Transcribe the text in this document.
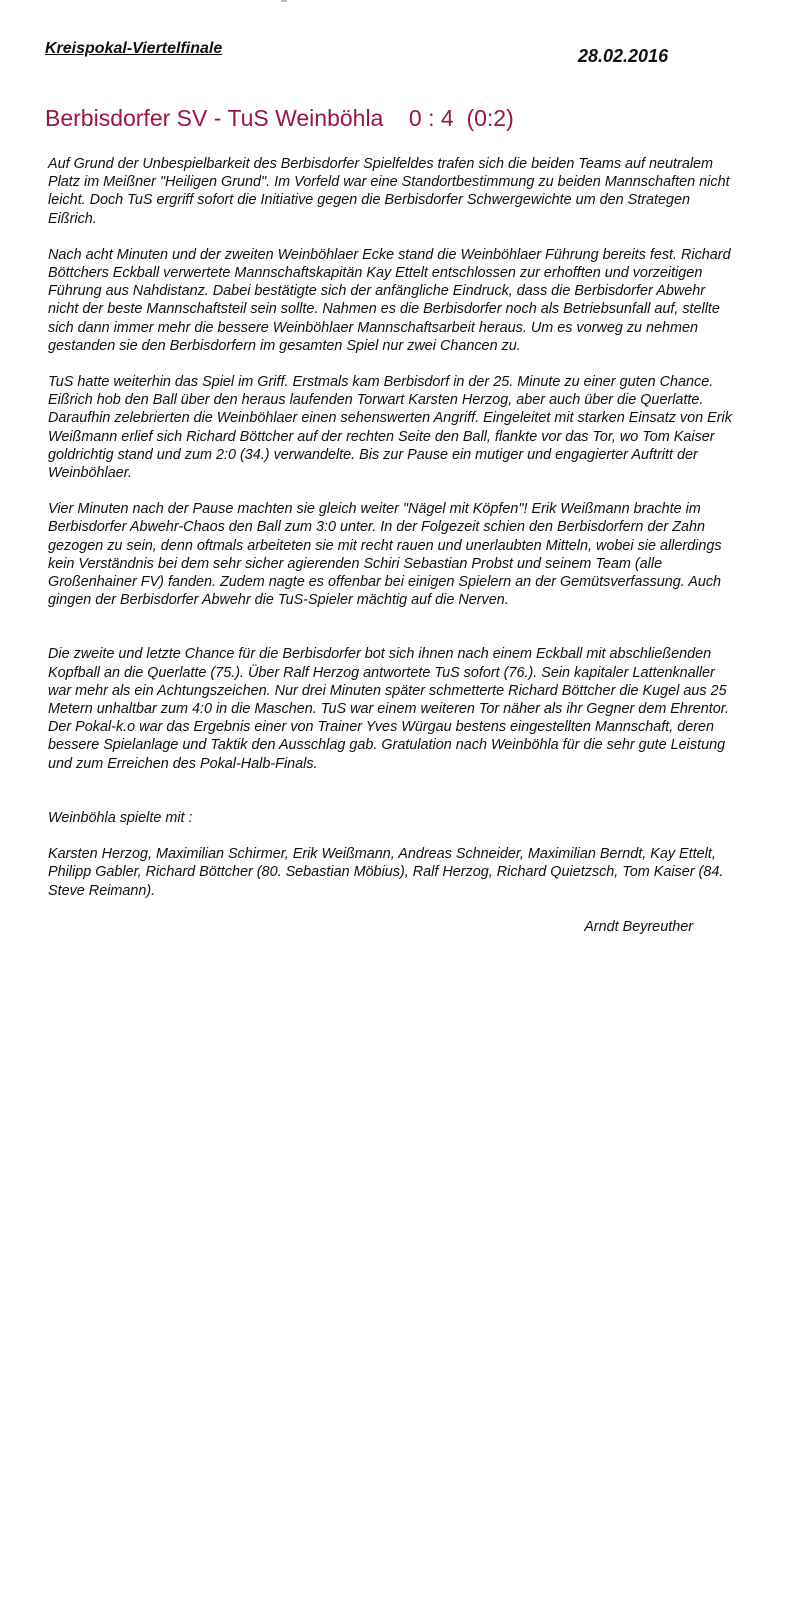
Kreispokal-Viertelfinale	28.02.2016
Berbisdorfer SV - TuS Weinböhla    0 : 4  (0:2)

Auf Grund der Unbespielbarkeit des Berbisdorfer Spielfeldes trafen sich die beiden Teams auf neutralem Platz im Meißner "Heiligen Grund". Im Vorfeld war eine Standortbestimmung zu beiden Mannschaften nicht leicht. Doch TuS ergriff sofort die Initiative gegen die Berbisdorfer Schwergewichte um den Strategen Eißrich.

Nach acht Minuten und der zweiten Weinböhlaer Ecke stand die Weinböhlaer Führung bereits fest. Richard Böttchers Eckball verwertete Mannschaftskapitän Kay Ettelt entschlossen zur erhofften und vorzeitigen Führung aus Nahdistanz. Dabei bestätigte sich der anfängliche Eindruck, dass die Berbisdorfer Abwehr nicht der beste Mannschaftsteil sein sollte. Nahmen es die Berbisdorfer noch als Betriebsunfall auf, stellte sich dann immer mehr die bessere Weinböhlaer Mannschaftsarbeit heraus. Um es vorweg zu nehmen gestanden sie den Berbisdorfern im gesamten Spiel nur zwei Chancen zu.

TuS hatte weiterhin das Spiel im Griff. Erstmals kam Berbisdorf in der 25. Minute zu einer guten Chance. Eißrich hob den Ball über den heraus laufenden Torwart Karsten Herzog, aber auch über die Querlatte. Daraufhin zelebrierten die Weinböhlaer einen sehenswerten Angriff. Eingeleitet mit starken Einsatz von Erik Weißmann erlief sich Richard Böttcher auf der rechten Seite den Ball, flankte vor das Tor, wo Tom Kaiser goldrichtig stand und zum 2:0 (34.) verwandelte. Bis zur Pause ein mutiger und engagierter Auftritt der Weinböhlaer.

Vier Minuten nach der Pause machten sie gleich weiter "Nägel mit Köpfen"! Erik Weißmann brachte im Berbisdorfer Abwehr-Chaos den Ball zum 3:0 unter. In der Folgezeit schien den Berbisdorfern der Zahn gezogen zu sein, denn oftmals arbeiteten sie mit recht rauen und unerlaubten Mitteln, wobei sie allerdings kein Verständnis bei dem sehr sicher agierenden Schiri Sebastian Probst und seinem Team (alle Großenhainer FV) fanden. Zudem nagte es offenbar bei einigen Spielern an der Gemütsverfassung. Auch gingen der Berbisdorfer Abwehr die TuS-Spieler mächtig auf die Nerven.

Die zweite und letzte Chance für die Berbisdorfer bot sich ihnen nach einem Eckball mit abschließenden Kopfball an die Querlatte (75.). Über Ralf Herzog antwortete TuS sofort (76.). Sein kapitaler Lattenknaller war mehr als ein Achtungszeichen. Nur drei Minuten später schmetterte Richard Böttcher die Kugel aus 25 Metern unhaltbar zum 4:0 in die Maschen. TuS war einem weiteren Tor näher als ihr Gegner dem Ehrentor. Der Pokal-k.o war das Ergebnis einer von Trainer Yves Würgau bestens eingestellten Mannschaft, deren bessere Spielanlage und Taktik den Ausschlag gab. Gratulation nach Weinböhla für die sehr gute Leistung und zum Erreichen des Pokal-Halb-Finals.

Weinböhla spielte mit :

Karsten Herzog, Maximilian Schirmer, Erik Weißmann, Andreas Schneider, Maximilian Berndt, Kay Ettelt, Philipp Gabler, Richard Böttcher (80. Sebastian Möbius), Ralf Herzog, Richard Quietzsch, Tom Kaiser (84. Steve Reimann).

Arndt Beyreuther
